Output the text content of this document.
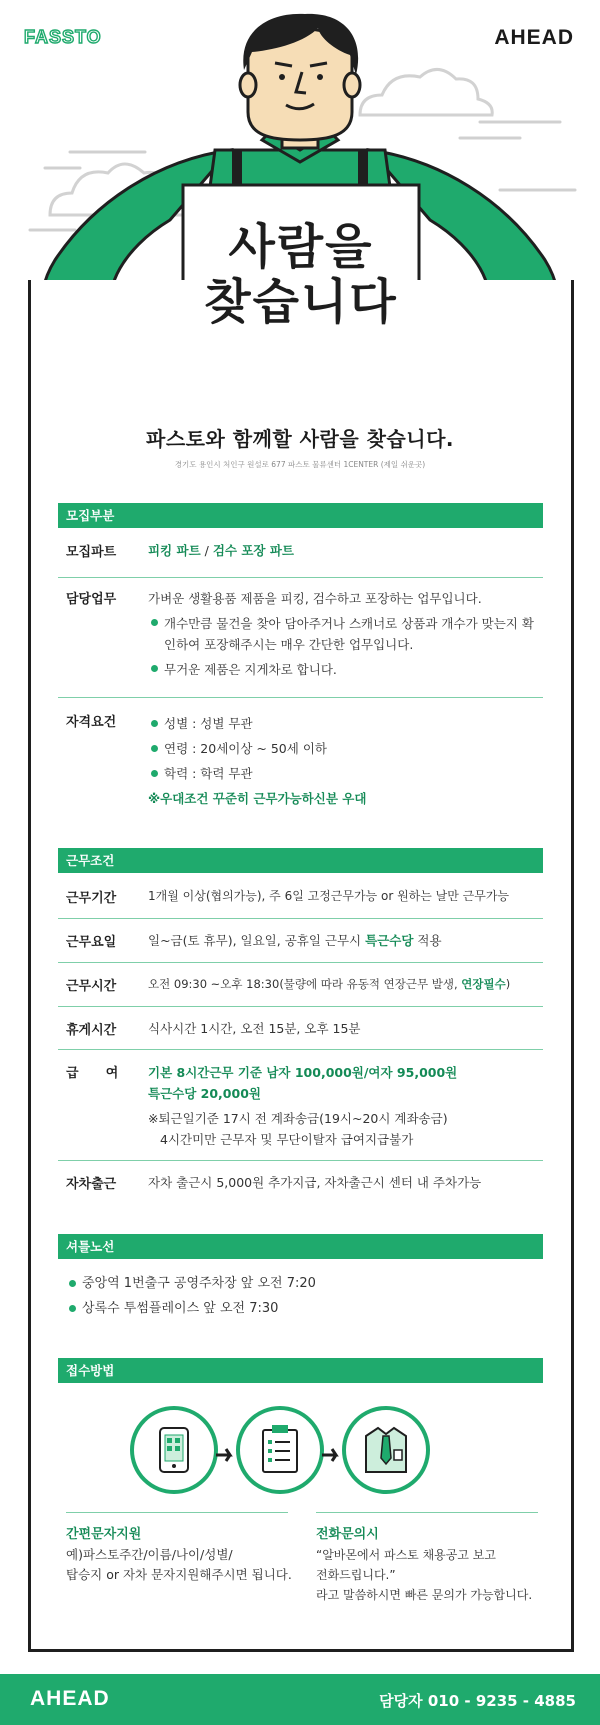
FASSTO	AHEAD
사람을
찾습니다
파스토와 함께할 사람을 찾습니다.
경기도 용인시 처인구 원설로 677 파스토 물류센터 1CENTER (제일 쉬운곳)
모집부분
모집파트	피킹 파트 / 검수 포장 파트
담당업무	가벼운 생활용품 제품을 피킹, 검수하고 포장하는 업무입니다.
개수만큼 물건을 찾아 담아주거나 스캐너로 상품과 개수가 맞는지 확인하여 포장해주시는 매우 간단한 업무입니다.
무거운 제품은 지게차로 합니다.
자격요건	성별 : 성별 무관
연령 : 20세이상 ~ 50세 이하
학력 : 학력 무관
※우대조건 꾸준히 근무가능하신분 우대
근무조건
근무기간	1개월 이상(협의가능), 주 6일 고정근무가능 or 원하는 날만 근무가능
근무요일	일~금(토 휴무), 일요일, 공휴일 근무시 특근수당 적용
근무시간	오전 09:30 ~오후 18:30(물량에 따라 유동적 연장근무 발생, 연장필수)
휴게시간	식사시간 1시간, 오전 15분, 오후 15분
급      여 기본 8시간근무 기준 남자 100,000원/여자 95,000원
특근수당 20,000원
※퇴근일기준 17시 전 계좌송금(19시~20시 계좌송금)
4시간미만 근무자 및 무단이탈자 급여지급불가
자차출근	자차 출근시 5,000원 추가지급, 자차출근시 센터 내 주차가능
셔틀노선
중앙역 1번출구 공영주차장 앞 오전 7:20
상록수 투썸플레이스 앞 오전 7:30
접수방법
간편문자지원
예)파스토주간/이름/나이/성별/
탑승지 or 자차 문자지원해주시면 됩니다.
전화문의시
“알바몬에서 파스토 채용공고 보고
전화드립니다.”
라고 말씀하시면 빠른 문의가 가능합니다.
AHEAD	담당자 010 - 9235 - 4885
